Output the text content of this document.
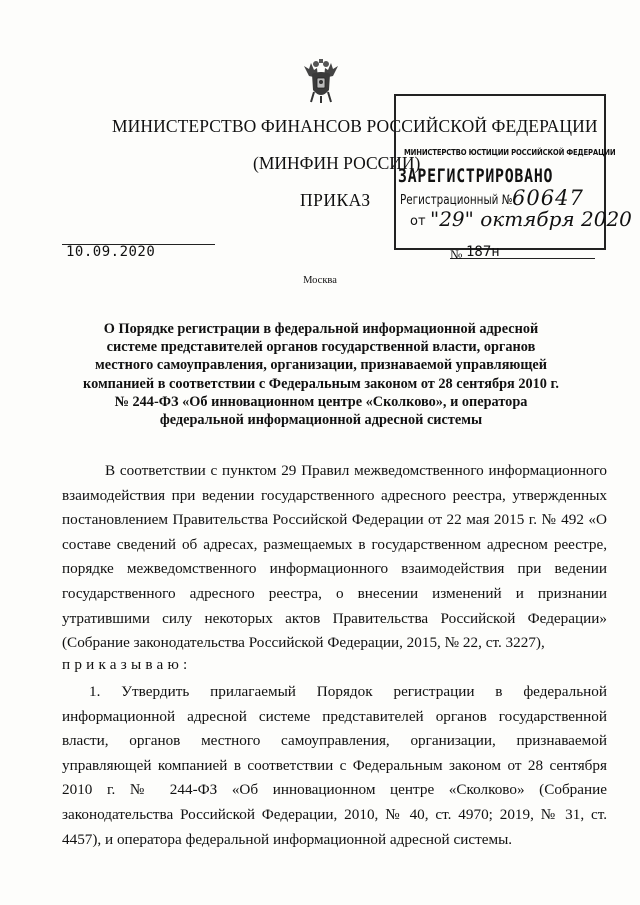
МИНИСТЕРСТВО ФИНАНСОВ РОССИЙСКОЙ ФЕДЕРАЦИИ
(МИНФИН РОССИИ)
ПРИКАЗ
МИНИСТЕРСТВО ЮСТИЦИИ РОССИЙСКОЙ ФЕДЕРАЦИИ
ЗАРЕГИСТРИРОВАНО
Регистрационный № 60647
от "29" октября 2020
10.09.2020	№ 187н
Москва
О Порядке регистрации в федеральной информационной адресной системе представителей органов государственной власти, органов местного самоуправления, организации, признаваемой управляющей компанией в соответствии с Федеральным законом от 28 сентября 2010 г. № 244-ФЗ «Об инновационном центре «Сколково», и оператора федеральной информационной адресной системы
В соответствии с пунктом 29 Правил межведомственного информационного взаимодействия при ведении государственного адресного реестра, утвержденных постановлением Правительства Российской Федерации от 22 мая 2015 г. № 492 «О составе сведений об адресах, размещаемых в государственном адресном реестре, порядке межведомственного информационного взаимодействия при ведении государственного адресного реестра, о внесении изменений и признании утратившими силу некоторых актов Правительства Российской Федерации» (Собрание законодательства Российской Федерации, 2015, № 22, ст. 3227),
приказываю:
1. Утвердить прилагаемый Порядок регистрации в федеральной информационной адресной системе представителей органов государственной власти, органов местного самоуправления, организации, признаваемой управляющей компанией в соответствии с Федеральным законом от 28 сентября 2010 г. № 244-ФЗ «Об инновационном центре «Сколково» (Собрание законодательства Российской Федерации, 2010, № 40, ст. 4970; 2019, № 31, ст. 4457), и оператора федеральной информационной адресной системы.
